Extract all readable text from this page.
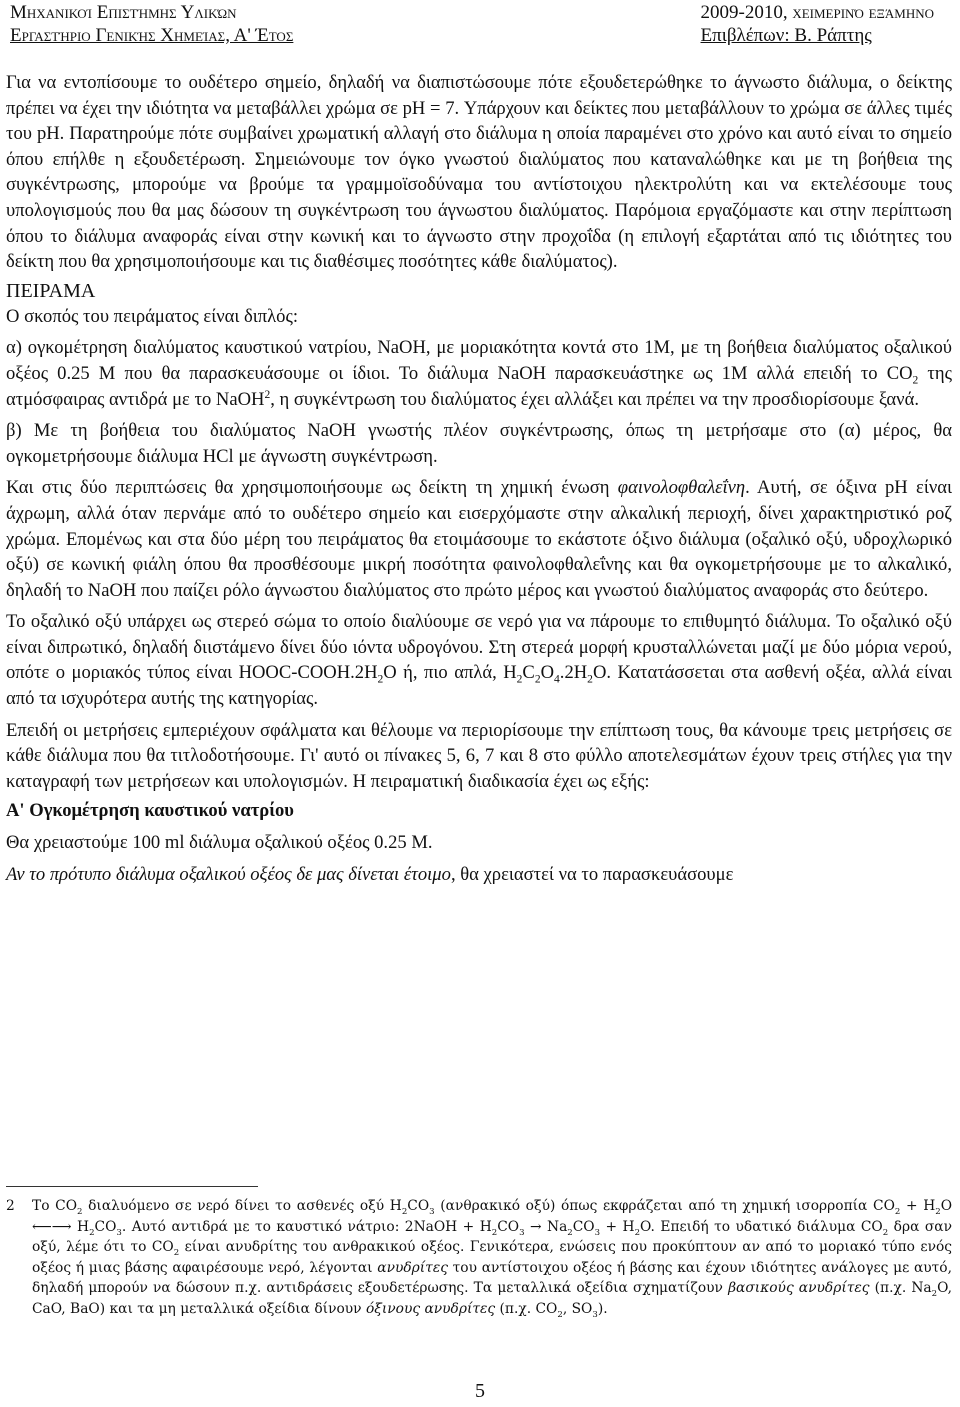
Μηχανικοί Επιστήμης Υλικών
Εργαστήριο Γενικής Χημείας, Α' Έτος
2009-2010, χειμερινό εξάμηνο
Επιβλέπων: Β. Ράπτης

Για να εντοπίσουμε το ουδέτερο σημείο, δηλαδή να διαπιστώσουμε πότε εξουδετερώθηκε το άγνωστο διάλυμα, ο δείκτης πρέπει να έχει την ιδιότητα να μεταβάλλει χρώμα σε pH = 7. Υπάρχουν και δείκτες που μεταβάλλουν το χρώμα σε άλλες τιμές του pH. Παρατηρούμε πότε συμβαίνει χρωματική αλλαγή στο διάλυμα η οποία παραμένει στο χρόνο και αυτό είναι το σημείο όπου επήλθε η εξουδετέρωση. Σημειώνουμε τον όγκο γνωστού διαλύματος που καταναλώθηκε και με τη βοήθεια της συγκέντρωσης, μπορούμε να βρούμε τα γραμμοϊσοδύναμα του αντίστοιχου ηλεκτρολύτη και να εκτελέσουμε τους υπολογισμούς που θα μας δώσουν τη συγκέντρωση του άγνωστου διαλύματος. Παρόμοια εργαζόμαστε και στην περίπτωση όπου το διάλυμα αναφοράς είναι στην κωνική και το άγνωστο στην προχοΐδα (η επιλογή εξαρτάται από τις ιδιότητες του δείκτη που θα χρησιμοποιήσουμε και τις διαθέσιμες ποσότητες κάθε διαλύματος).

ΠΕΙΡΑΜΑ

Ο σκοπός του πειράματος είναι διπλός:

α) ογκομέτρηση διαλύματος καυστικού νατρίου, NaOH, με μοριακότητα κοντά στο 1M, με τη βοήθεια διαλύματος οξαλικού οξέος 0.25 M που θα παρασκευάσουμε οι ίδιοι. Το διάλυμα NaOH παρασκευάστηκε ως 1M αλλά επειδή το $CO_2$ της ατμόσφαιρας αντιδρά με το NaOH$^2$, η συγκέντρωση του διαλύματος έχει αλλάξει και πρέπει να την προσδιορίσουμε ξανά.

β) Με τη βοήθεια του διαλύματος NaOH γνωστής πλέον συγκέντρωσης, όπως τη μετρήσαμε στο (α) μέρος, θα ογκομετρήσουμε διάλυμα HCl με άγνωστη συγκέντρωση.

Και στις δύο περιπτώσεις θα χρησιμοποιήσουμε ως δείκτη τη χημική ένωση φαινολοφθαλεΐνη. Αυτή, σε όξινα pH είναι άχρωμη, αλλά όταν περνάμε από το ουδέτερο σημείο και εισερχόμαστε στην αλκαλική περιοχή, δίνει χαρακτηριστικό ροζ χρώμα. Επομένως και στα δύο μέρη του πειράματος θα ετοιμάσουμε το εκάστοτε όξινο διάλυμα (οξαλικό οξύ, υδροχλωρικό οξύ) σε κωνική φιάλη όπου θα προσθέσουμε μικρή ποσότητα φαινολοφθαλεΐνης και θα ογκομετρήσουμε με το αλκαλικό, δηλαδή το NaOH που παίζει ρόλο άγνωστου διαλύματος στο πρώτο μέρος και γνωστού διαλύματος αναφοράς στο δεύτερο.

Το οξαλικό οξύ υπάρχει ως στερεό σώμα το οποίο διαλύουμε σε νερό για να πάρουμε το επιθυμητό διάλυμα. Το οξαλικό οξύ είναι διπρωτικό, δηλαδή διιστάμενο δίνει δύο ιόντα υδρογόνου. Στη στερεά μορφή κρυσταλλώνεται μαζί με δύο μόρια νερού, οπότε ο μοριακός τύπος είναι HOOC-$COOH.2H_2O$ ή, πιο απλά, $H_2C_2O_4.2H_2O$. Κατατάσσεται στα ασθενή οξέα, αλλά είναι από τα ισχυρότερα αυτής της κατηγορίας.

Επειδή οι μετρήσεις εμπεριέχουν σφάλματα και θέλουμε να περιορίσουμε την επίπτωση τους, θα κάνουμε τρεις μετρήσεις σε κάθε διάλυμα που θα τιτλοδοτήσουμε. Γι' αυτό οι πίνακες 5, 6, 7 και 8 στο φύλλο αποτελεσμάτων έχουν τρεις στήλες για την καταγραφή των μετρήσεων και υπολογισμών. Η πειραματική διαδικασία έχει ως εξής:

Α' Ογκομέτρηση καυστικού νατρίου

Θα χρειαστούμε 100 ml διάλυμα οξαλικού οξέος 0.25 M.

Αν το πρότυπο διάλυμα οξαλικού οξέος δε μας δίνεται έτοιμο, θα χρειαστεί να το παρασκευάσουμε

2 Το $CO_2$ διαλυόμενο σε νερό δίνει το ασθενές οξύ $H_2CO_3$ (ανθρακικό οξύ) όπως εκφράζεται από τη χημική ισορροπία $CO_2 + H_2O$ ⟵⟶ $H_2CO_3$. Αυτό αντιδρά με το καυστικό νάτριο: 2NaOH + $H_2CO_3 \to Na_2CO_3 + H_2O$. Επειδή το υδατικό διάλυμα $CO_2$ δρα σαν οξύ, λέμε ότι το $CO_2$ είναι ανυδρίτης του ανθρακικού οξέος. Γενικότερα, ενώσεις που προκύπτουν αν από το μοριακό τύπο ενός οξέος ή μιας βάσης αφαιρέσουμε νερό, λέγονται ανυδρίτες του αντίστοιχου οξέος ή βάσης και έχουν ιδιότητες ανάλογες με αυτό, δηλαδή μπορούν να δώσουν π.χ. αντιδράσεις εξουδετέρωσης. Τα μεταλλικά οξείδια σχηματίζουν βασικούς ανυδρίτες (π.χ. $Na_2O$, CaO, BaO) και τα μη μεταλλικά οξείδια δίνουν όξινους ανυδρίτες (π.χ. $CO_2$, $SO_3$).
5
